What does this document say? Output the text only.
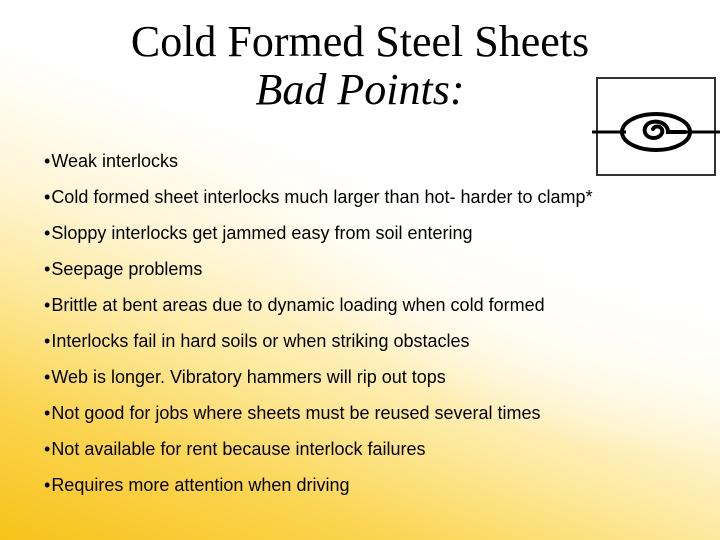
Cold Formed Steel Sheets
Bad Points:
• Weak interlocks
• Cold formed sheet interlocks much larger than hot- harder to clamp*
• Sloppy interlocks get jammed easy from soil entering
• Seepage problems
• Brittle at bent areas due to dynamic loading when cold formed
• Interlocks fail in hard soils or when striking obstacles
• Web is longer. Vibratory hammers will rip out tops
• Not good for jobs where sheets must be reused several times
• Not available for rent because interlock failures
• Requires more attention when driving
